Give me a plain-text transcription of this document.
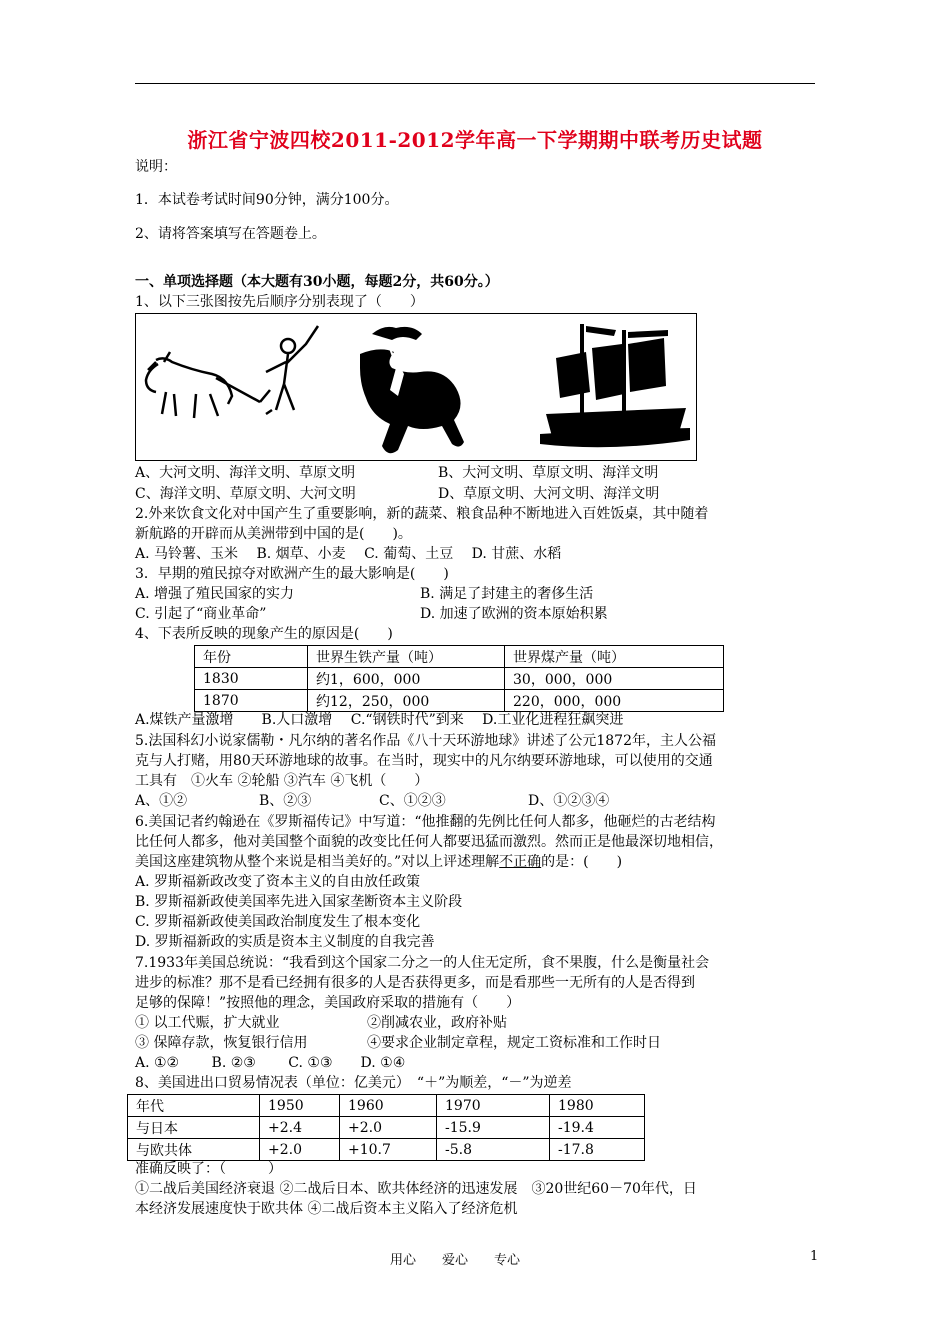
浙江省宁波四校2011-2012学年高一下学期期中联考历史试题
说明：
1．本试卷考试时间90分钟，满分100分。
2、请将答案填写在答题卷上。
一、单项选择题（本大题有30小题，每题2分，共60分。）
1、以下三张图按先后顺序分别表现了（　　）
A、大河文明、海洋文明、草原文明	B、大河文明、草原文明、海洋文明
C、海洋文明、草原文明、大河文明	D、草原文明、大河文明、海洋文明
2.外来饮食文化对中国产生了重要影响，新的蔬菜、粮食品种不断地进入百姓饭桌，其中随着
新航路的开辟而从美洲带到中国的是(　　)。
A. 马铃薯、玉米　 B. 烟草、小麦　 C. 葡萄、土豆　 D. 甘蔗、水稻
3．早期的殖民掠夺对欧洲产生的最大影响是(　　)
A. 增强了殖民国家的实力	B. 满足了封建主的奢侈生活
C. 引起了“商业革命”	D. 加速了欧洲的资本原始积累
4、下表所反映的现象产生的原因是(　　)
年份	世界生铁产量（吨）	世界煤产量（吨）
1830	约1，600，000	30，000，000
1870	约12，250，000	220，000，000
A.煤铁产量激增　　B.人口激增　 C.“钢铁时代”到来　 D.工业化进程狂飙突进
5.法国科幻小说家儒勒・凡尔纳的著名作品《八十天环游地球》讲述了公元1872年，主人公福
克与人打赌，用80天环游地球的故事。在当时，现实中的凡尔纳要环游地球，可以使用的交通
工具有　①火车 ②轮船 ③汽车 ④飞机（　　）
A、①②	B、②③	C、①②③	D、①②③④
6.美国记者约翰逊在《罗斯福传记》中写道：“他推翻的先例比任何人都多，他砸烂的古老结构
比任何人都多，他对美国整个面貌的改变比任何人都要迅猛而激烈。然而正是他最深切地相信，
美国这座建筑物从整个来说是相当美好的。”对以上评述理解不正确的是：(　　)
A. 罗斯福新政改变了资本主义的自由放任政策
B. 罗斯福新政使美国率先进入国家垄断资本主义阶段
C. 罗斯福新政使美国政治制度发生了根本变化
D. 罗斯福新政的实质是资本主义制度的自我完善
7.1933年美国总统说：“我看到这个国家二分之一的人住无定所，食不果腹，什么是衡量社会
进步的标准？那不是看已经拥有很多的人是否获得更多，而是看那些一无所有的人是否得到
足够的保障！”按照他的理念，美国政府采取的措施有（　　）
① 以工代赈，扩大就业	②削减农业，政府补贴
③ 保障存款，恢复银行信用	④要求企业制定章程，规定工资标准和工作时日
A. ①②　　 B. ②③　　 C. ①③　　D. ①④
8、美国进出口贸易情况表（单位：亿美元）　“＋”为顺差，“－”为逆差
年代	1950	1960	1970	1980
与日本	+2.4	+2.0	-15.9	-19.4
与欧共体	+2.0	+10.7	-5.8	-17.8
准确反映了：（　　　）
①二战后美国经济衰退 ②二战后日本、欧共体经济的迅速发展　③20世纪60－70年代，日
本经济发展速度快于欧共体 ④二战后资本主义陷入了经济危机
用心　　爱心　　专心	1
